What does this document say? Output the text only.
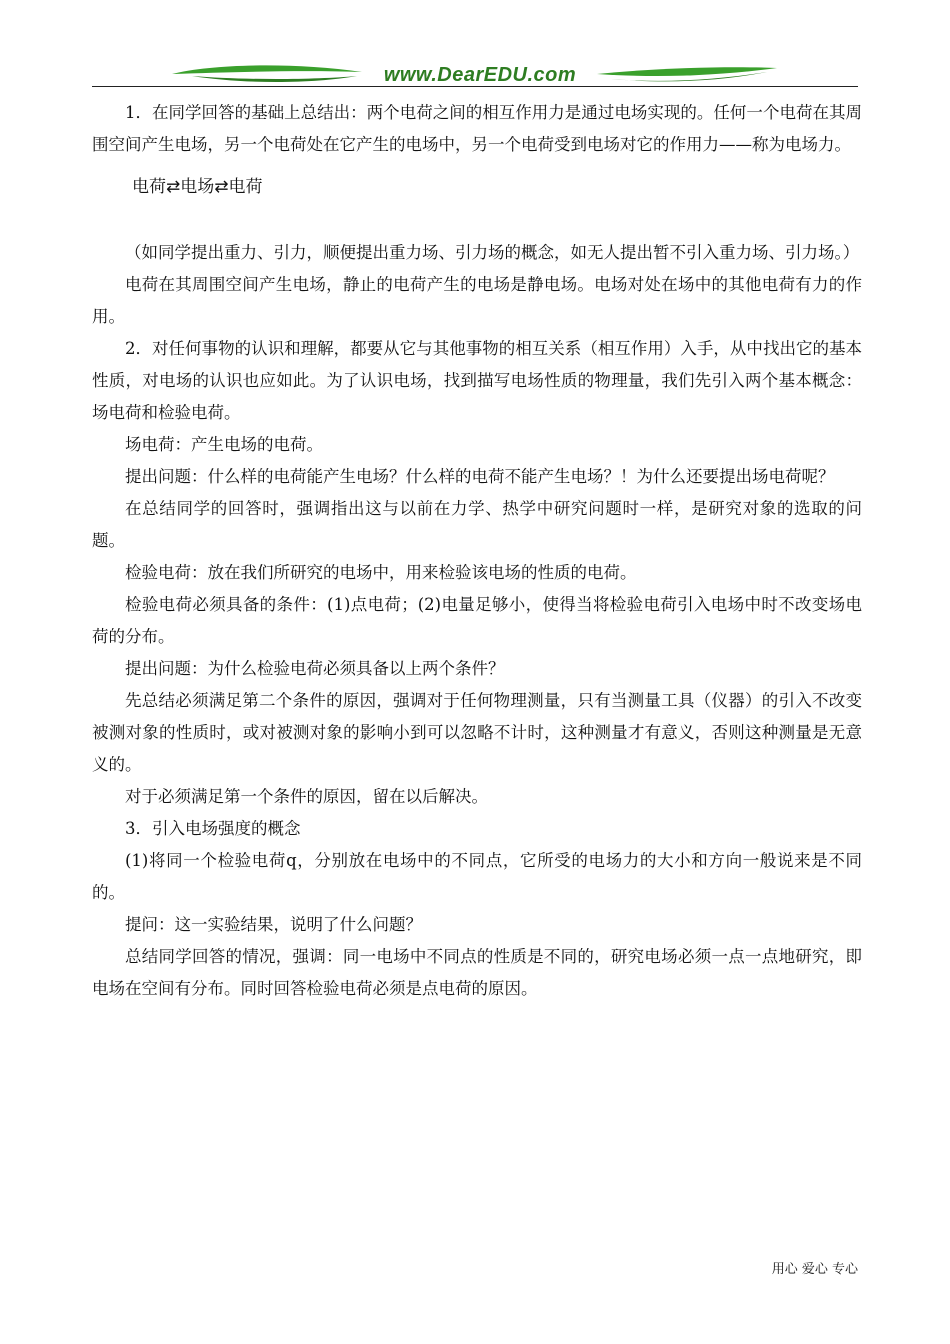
www.DearEDU.com

1．在同学回答的基础上总结出：两个电荷之间的相互作用力是通过电场实现的。任何一个电荷在其周围空间产生电场，另一个电荷处在它产生的电场中，另一个电荷受到电场对它的作用力——称为电场力。

电荷⇄电场⇄电荷

（如同学提出重力、引力，顺便提出重力场、引力场的概念，如无人提出暂不引入重力场、引力场。）

电荷在其周围空间产生电场，静止的电荷产生的电场是静电场。电场对处在场中的其他电荷有力的作用。

2．对任何事物的认识和理解，都要从它与其他事物的相互关系（相互作用）入手，从中找出它的基本性质，对电场的认识也应如此。为了认识电场，找到描写电场性质的物理量，我们先引入两个基本概念：场电荷和检验电荷。

场电荷：产生电场的电荷。

提出问题：什么样的电荷能产生电场？什么样的电荷不能产生电场？！为什么还要提出场电荷呢？

在总结同学的回答时，强调指出这与以前在力学、热学中研究问题时一样，是研究对象的选取的问题。

检验电荷：放在我们所研究的电场中，用来检验该电场的性质的电荷。

检验电荷必须具备的条件：(1)点电荷；(2)电量足够小，使得当将检验电荷引入电场中时不改变场电荷的分布。

提出问题：为什么检验电荷必须具备以上两个条件？

先总结必须满足第二个条件的原因，强调对于任何物理测量，只有当测量工具（仪器）的引入不改变被测对象的性质时，或对被测对象的影响小到可以忽略不计时，这种测量才有意义，否则这种测量是无意义的。

对于必须满足第一个条件的原因，留在以后解决。

3．引入电场强度的概念

(1)将同一个检验电荷q，分别放在电场中的不同点，它所受的电场力的大小和方向一般说来是不同的。

提问：这一实验结果，说明了什么问题？

总结同学回答的情况，强调：同一电场中不同点的性质是不同的，研究电场必须一点一点地研究，即电场在空间有分布。同时回答检验电荷必须是点电荷的原因。

用心 爱心 专心
